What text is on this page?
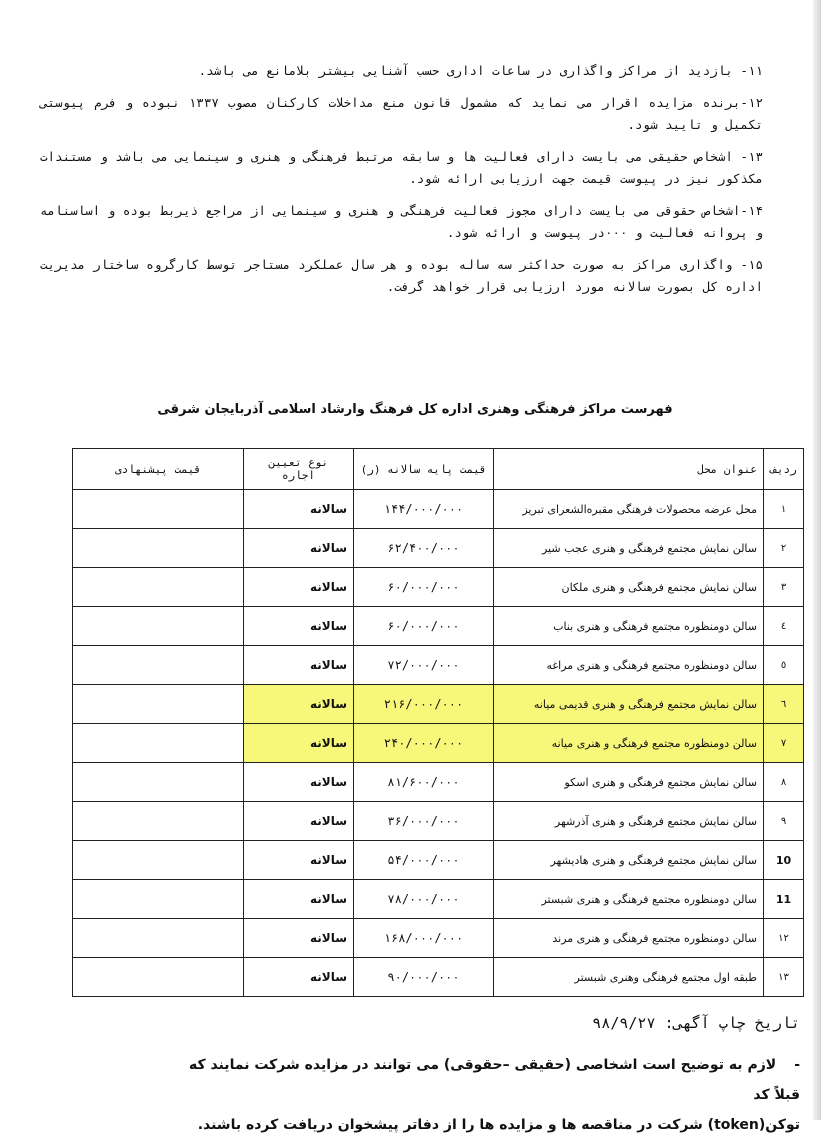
۱۱- بازدید از مراکز واگذاری در ساعات اداری حسب آشنایی بیشتر بلامانع می باشد.

۱۲-برنده مزایده اقرار می نماید که مشمول قانون منع مداخلات کارکنان مصوب ۱۳۳۷ نبوده و فرم پیوستی تکمیل و تایید شود.

۱۳- اشخاص حقیقی می بایست دارای فعالیت ها و سابقه مرتبط فرهنگی و هنری و سینمایی می باشد و مستندات مکذکور نیز در پیوست قیمت جهت ارزیابی ارائه شود.

۱۴-اشخاص حقوقی می بایست دارای مجوز فعالیت فرهنگی و هنری و سینمایی از مراجع ذیربط بوده و اساسنامه و پروانه فعالیت و ۰۰۰در پیوست و ارائه شود.

۱۵- واگذاری مراکز به صورت حداکثر سه ساله بوده و هر سال عملکرد مستاجر توسط کارگروه ساختار مدیریت اداره کل بصورت سالانه مورد ارزیابی قرار خواهد گرفت.

فهرست مراکز فرهنگی وهنری اداره کل فرهنگ وارشاد اسلامی آذربایجان شرقی
ردیف	عنوان محل	قیمت پایه سالانه (ر)	نوع تعیین اجاره	قیمت پیشنهادی
۱	محل عرضه محصولات فرهنگی مقبره‌الشعرای تبریز	۱۴۴/۰۰۰/۰۰۰	سالانه	
۲	سالن نمایش مجتمع فرهنگی و هنری عجب شیر	۶۲/۴۰۰/۰۰۰	سالانه	
۳	سالن نمایش مجتمع فرهنگی و هنری ملکان	۶۰/۰۰۰/۰۰۰	سالانه	
٤	سالن دومنظوره مجتمع فرهنگی و هنری بناب	۶۰/۰۰۰/۰۰۰	سالانه	
٥	سالن دومنظوره مجتمع فرهنگی و هنری مراغه	۷۲/۰۰۰/۰۰۰	سالانه	
٦	سالن نمایش مجتمع فرهنگی و هنری قدیمی میانه	۲۱۶/۰۰۰/۰۰۰	سالانه	
۷	سالن دومنظوره مجتمع فرهنگی و هنری میانه	۲۴۰/۰۰۰/۰۰۰	سالانه	
۸	سالن نمایش مجتمع فرهنگی و هنری اسکو	۸۱/۶۰۰/۰۰۰	سالانه	
۹	سالن نمایش مجتمع فرهنگی و هنری آذرشهر	۳۶/۰۰۰/۰۰۰	سالانه	
10	سالن نمایش مجتمع فرهنگی و هنری هادیشهر	۵۴/۰۰۰/۰۰۰	سالانه	
11	سالن دومنظوره مجتمع فرهنگی و هنری شبستر	۷۸/۰۰۰/۰۰۰	سالانه	
۱۲	سالن دومنظوره مجتمع فرهنگی و هنری مرند	۱۶۸/۰۰۰/۰۰۰	سالانه	
۱۳	طبقه اول مجتمع فرهنگی وهنری شبستر	۹۰/۰۰۰/۰۰۰	سالانه	
تاریخ چاپ آگهی: ۹۸/۹/۲۷
-لازم به توضیح است اشخاصی (حقیقی –حقوقی) می توانند در مزایده شرکت نمایند که قبلاً کد
توکن(token) شرکت در مناقصه ها و مزایده ها را از دفاتر پیشخوان دریافت کرده باشند.
